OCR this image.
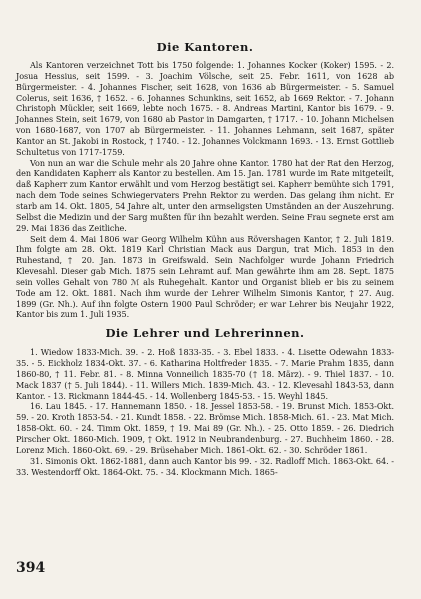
Die Kantoren.

Als Kantoren verzeichnet Tott bis 1750 folgende: 1. Johannes Kocker (Koker) 1595. - 2. Josua Hessius, seit 1599. - 3. Joachim Völsche, seit 25. Febr. 1611, von 1628 ab Bürgermeister. - 4. Johannes Fischer, seit 1628, von 1636 ab Bürgermeister. - 5. Samuel Colerus, seit 1636, † 1652. - 6. Johannes Schunkins, seit 1652, ab 1669 Rektor. - 7. Johann Christoph Mückler, seit 1669, lebte noch 1675. - 8. Andreas Martini, Kantor bis 1679. - 9. Johannes Stein, seit 1679, von 1680 ab Pastor in Damgarten, † 1717. - 10. Johann Michelsen von 1680-1687, von 1707 ab Bürgermeister. - 11. Johannes Lehmann, seit 1687, später Kantor an St. Jakobi in Rostock, † 1740. - 12. Johannes Volckmann 1693. - 13. Ernst Gottlieb Schultetus von 1717-1759.

Von nun an war die Schule mehr als 20 Jahre ohne Kantor. 1780 hat der Rat den Herzog, den Kandidaten Kapherr als Kantor zu bestellen. Am 15. Jan. 1781 wurde im Rate mitgeteilt, daß Kapherr zum Kantor erwählt und vom Herzog bestätigt sei. Kapherr bemühte sich 1791, nach dem Tode seines Schwiegervaters Prehn Rektor zu werden. Das gelang ihm nicht. Er starb am 14. Okt. 1805, 54 Jahre alt, unter den armseligsten Umständen an der Auszehrung. Selbst die Medizin und der Sarg mußten für ihn bezahlt werden. Seine Frau segnete erst am 29. Mai 1836 das Zeitliche.

Seit dem 4. Mai 1806 war Georg Wilhelm Kühn aus Rövershagen Kantor, † 2. Juli 1819. Ihm folgte am 28. Okt. 1819 Karl Christian Mack aus Dargun, trat Mich. 1853 in den Ruhestand, † 20. Jan. 1873 in Greifswald. Sein Nachfolger wurde Johann Friedrich Klevesahl. Dieser gab Mich. 1875 sein Lehramt auf. Man gewährte ihm am 28. Sept. 1875 sein volles Gehalt von 780 ℳ als Ruhegehalt. Kantor und Organist blieb er bis zu seinem Tode am 12. Okt. 1881. Nach ihm wurde der Lehrer Wilhelm Simonis Kantor, † 27. Aug. 1899 (Gr. Nh.). Auf ihn folgte Ostern 1900 Paul Schröder; er war Lehrer bis Neujahr 1922, Kantor bis zum 1. Juli 1935.

Die Lehrer und Lehrerinnen.

1. Wiedow 1833-Mich. 39. - 2. Hoß 1833-35. - 3. Ebel 1833. - 4. Lisette Odewahn 1833-35. - 5. Eickholz 1834-Okt. 37. - 6. Katharina Holtfreder 1835. - 7. Marie Prahm 1835, dann 1860-80, † 11. Febr. 81. - 8. Minna Vonneilich 1835-70 († 18. März). - 9. Thiel 1837. - 10. Mack 1837 († 5. Juli 1844). - 11. Willers Mich. 1839-Mich. 43. - 12. Klevesahl 1843-53, dann Kantor. - 13. Rickmann 1844-45. - 14. Wollenberg 1845-53. - 15. Weyhl 1845.

16. Lau 1845. - 17. Hannemann 1850. - 18. Jessel 1853-58. - 19. Brunst Mich. 1853-Okt. 59. - 20. Kroth 1853-54. - 21. Kundt 1858. - 22. Brömse Mich. 1858-Mich. 61. - 23. Mat Mich. 1858-Okt. 60. - 24. Timm Okt. 1859, † 19. Mai 89 (Gr. Nh.). - 25. Otto 1859. - 26. Diedrich Pirscher Okt. 1860-Mich. 1909, † Okt. 1912 in Neubrandenburg. - 27. Buchheim 1860. - 28. Lorenz Mich. 1860-Okt. 69. - 29. Brüsehaber Mich. 1861-Okt. 62. - 30. Schröder 1861.

31. Simonis Okt. 1862-1881, dann auch Kantor bis 99. - 32. Radloff Mich. 1863-Okt. 64. - 33. Westendorff Okt. 1864-Okt. 75. - 34. Klockmann Mich. 1865-

394
